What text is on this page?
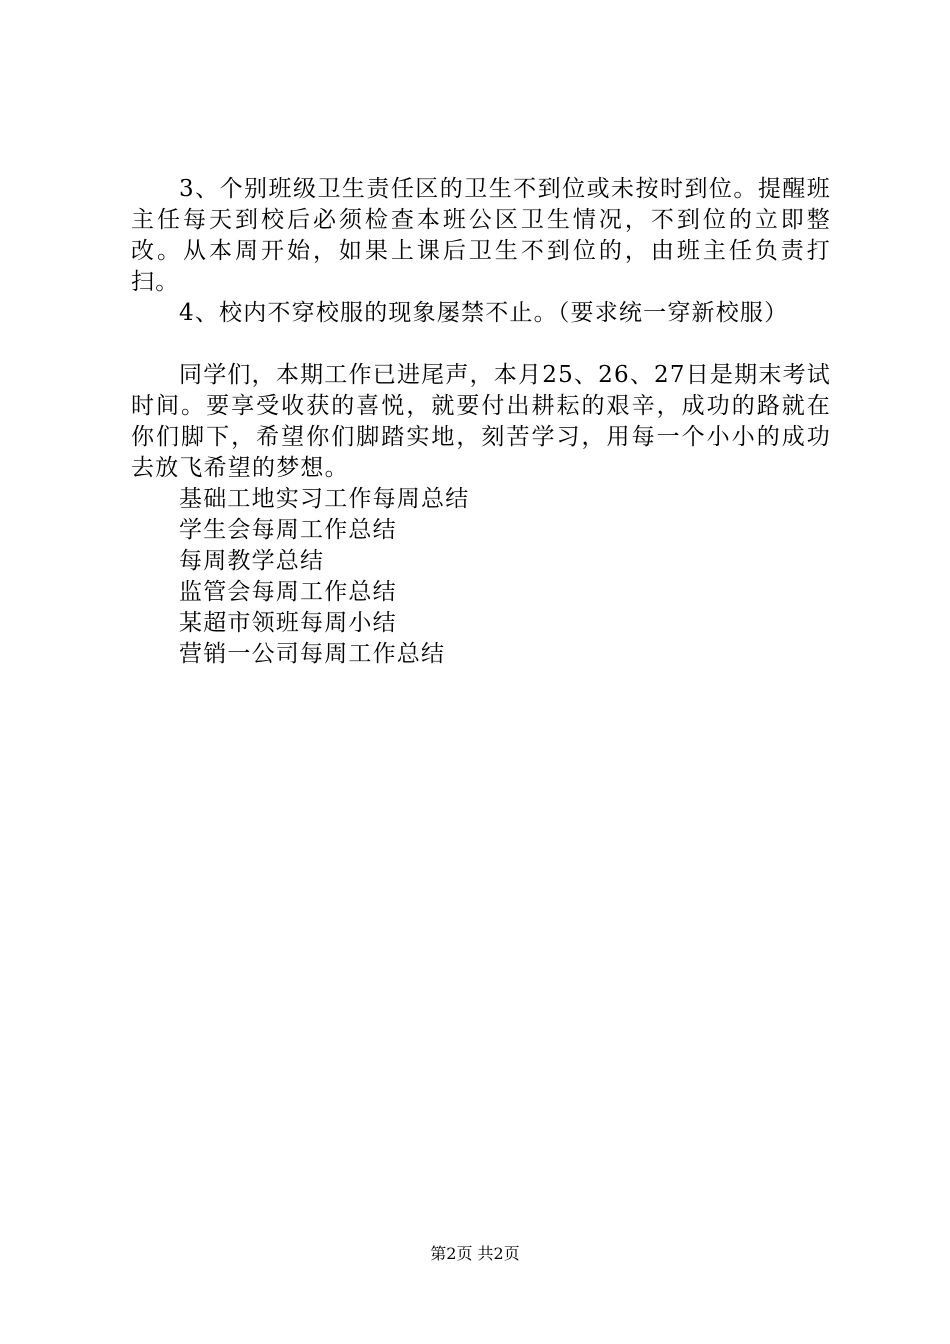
3、个别班级卫生责任区的卫生不到位或未按时到位。提醒班主任每天到校后必须检查本班公区卫生情况，不到位的立即整改。从本周开始，如果上课后卫生不到位的，由班主任负责打扫。

4、校内不穿校服的现象屡禁不止。（要求统一穿新校服）

同学们，本期工作已进尾声，本月25、26、27日是期末考试时间。要享受收获的喜悦，就要付出耕耘的艰辛，成功的路就在你们脚下，希望你们脚踏实地，刻苦学习，用每一个小小的成功去放飞希望的梦想。

基础工地实习工作每周总结
学生会每周工作总结
每周教学总结
监管会每周工作总结
某超市领班每周小结
营销一公司每周工作总结
第2页 共2页
